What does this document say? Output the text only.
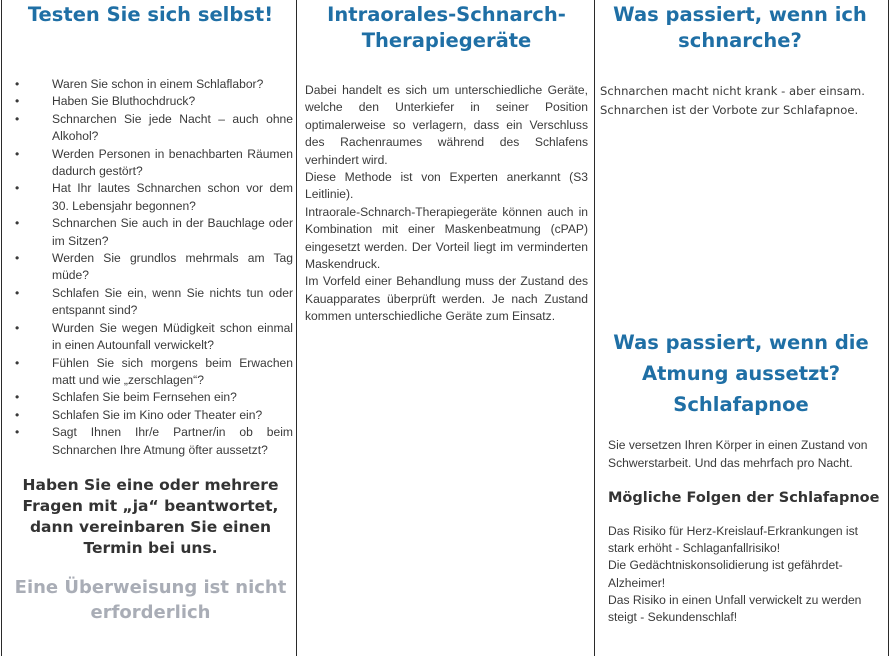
Testen Sie sich selbst!
•	Waren Sie schon in einem Schlaflabor?
•	Haben Sie Bluthochdruck?
•	Schnarchen Sie jede Nacht – auch ohne Alkohol?
•	Werden Personen in benachbarten Räumen dadurch gestört?
•	Hat Ihr lautes Schnarchen schon vor dem 30. Lebensjahr begonnen?
•	Schnarchen Sie auch in der Bauchlage oder im Sitzen?
•	Werden Sie grundlos mehrmals am Tag müde?
•	Schlafen Sie ein, wenn Sie nichts tun oder entspannt sind?
•	Wurden Sie wegen Müdigkeit schon einmal in einen Autounfall verwickelt?
•	Fühlen Sie sich morgens beim Erwachen matt und wie „zerschlagen“?
•	Schlafen Sie beim Fernsehen ein?
•	Schlafen Sie im Kino oder Theater ein?
•	Sagt Ihnen Ihr/e Partner/in ob beim Schnarchen Ihre Atmung öfter aussetzt?
Haben Sie eine oder mehrere Fragen mit „ja“ beantwortet, dann vereinbaren Sie einen Termin bei uns.
Eine Überweisung ist nicht erforderlich
Intraorales-Schnarch-Therapiegeräte

Dabei handelt es sich um unterschiedliche Geräte, welche den Unterkiefer in seiner Position optimalerweise so verlagern, dass ein Verschluss des Rachenraumes während des Schlafens verhindert wird.

Diese Methode ist von Experten anerkannt (S3 Leitlinie).

Intraorale-Schnarch-Therapiegeräte können auch in Kombination mit einer Maskenbeatmung (cPAP) eingesetzt werden. Der Vorteil liegt im verminderten Maskendruck.

Im Vorfeld einer Behandlung muss der Zustand des Kauapparates überprüft werden. Je nach Zustand kommen unterschiedliche Geräte zum Einsatz.

Was passiert, wenn ich schnarche?
Schnarchen macht nicht krank - aber einsam.
Schnarchen ist der Vorbote zur Schlafapnoe.
Was passiert, wenn die
Atmung aussetzt?
Schlafapnoe
Sie versetzen Ihren Körper in einen Zustand von Schwerstarbeit. Und das mehrfach pro Nacht.
Mögliche Folgen der Schlafapnoe
Das Risiko für Herz-Kreislauf-Erkrankungen ist stark erhöht - Schlaganfallrisiko!
Die Gedächtniskonsolidierung ist gefährdet- Alzheimer!
Das Risiko in einen Unfall verwickelt zu werden steigt - Sekundenschlaf!
